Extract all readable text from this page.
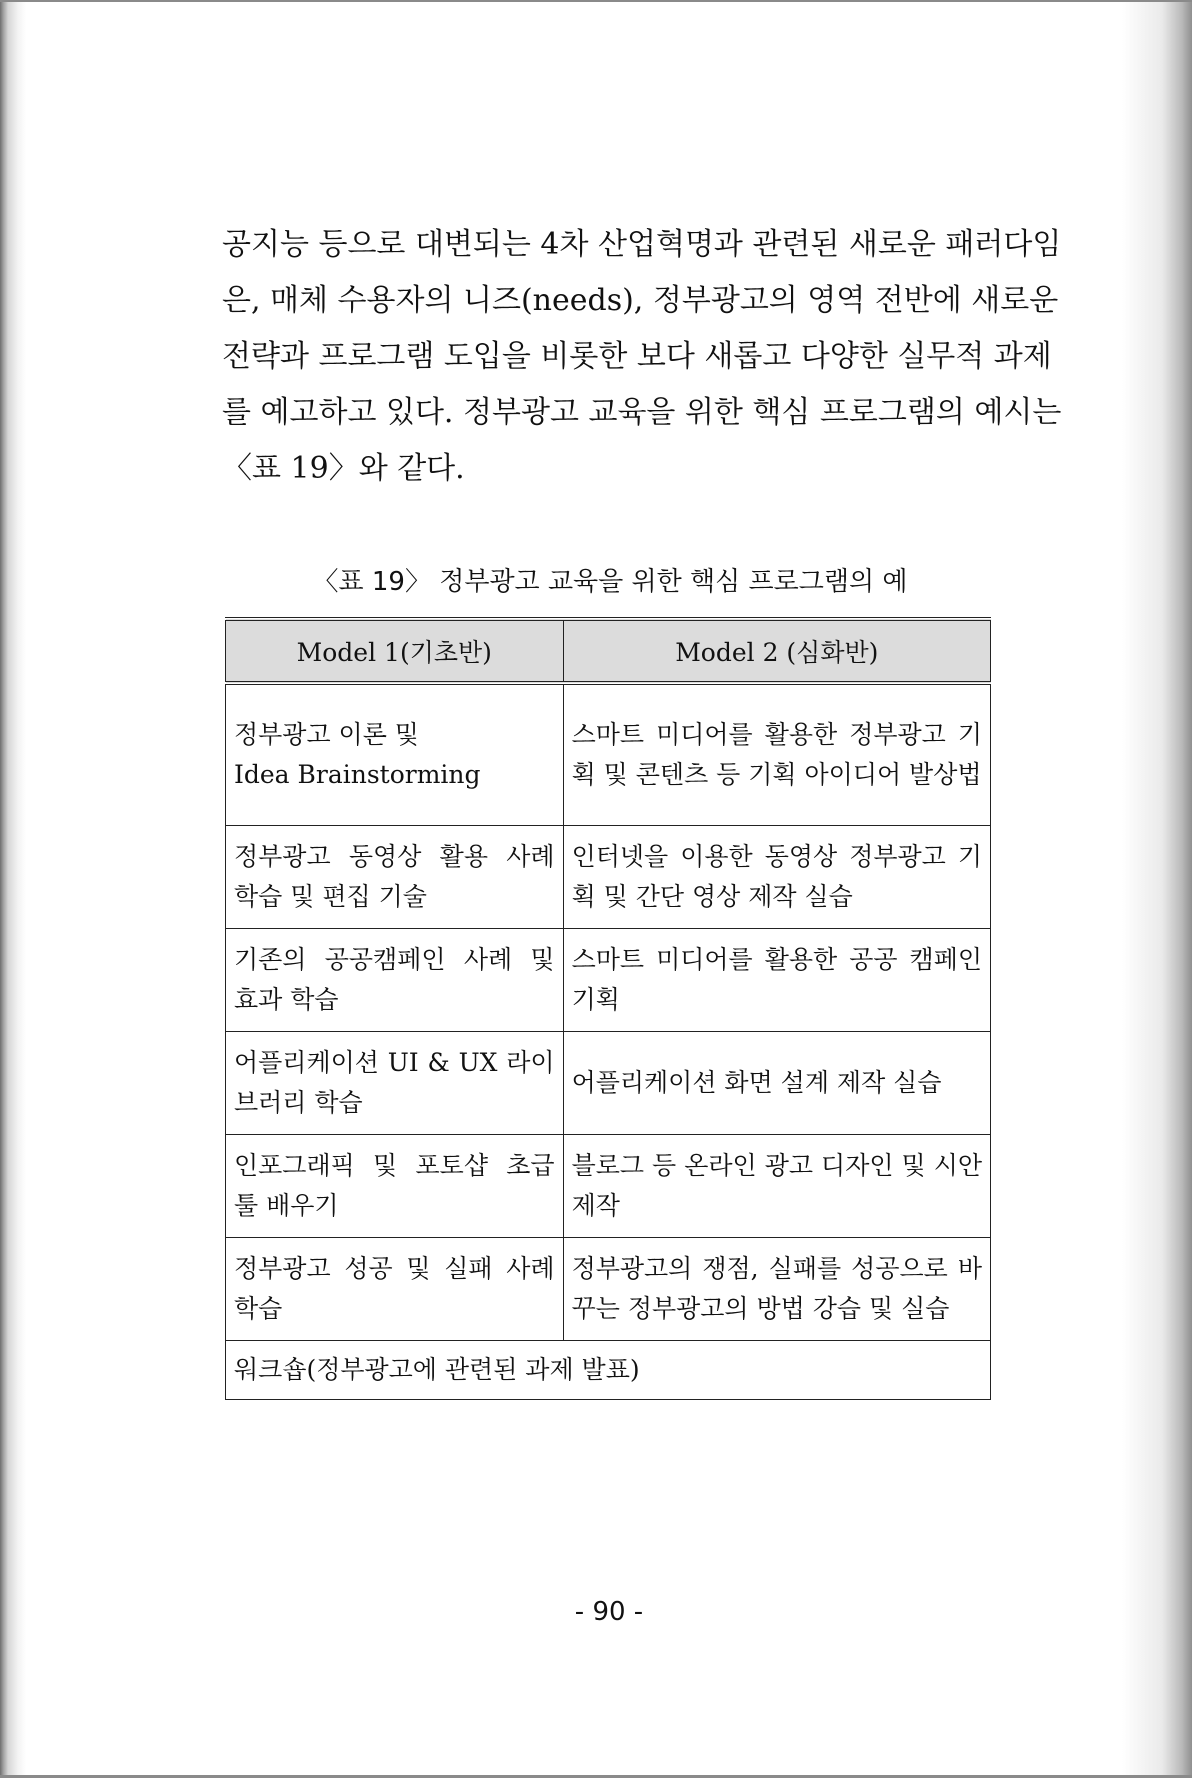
공지능 등으로 대변되는 4차 산업혁명과 관련된 새로운 패러다임
은, 매체 수용자의 니즈(needs), 정부광고의 영역 전반에 새로운
전략과 프로그램 도입을 비롯한 보다 새롭고 다양한 실무적 과제
를 예고하고 있다. 정부광고 교육을 위한 핵심 프로그램의 예시는
〈표 19〉와 같다.
〈표 19〉 정부광고 교육을 위한 핵심 프로그램의 예
Model 1(기초반)	Model 2 (심화반)
정부광고 이론 및
Idea Brainstorming	스마트 미디어를 활용한 정부광고 기획 및 콘텐츠 등 기획 아이디어 발상법
정부광고 동영상 활용 사례 학습 및 편집 기술	인터넷을 이용한 동영상 정부광고 기획 및 간단 영상 제작 실습
기존의 공공캠페인 사례 및 효과 학습	스마트 미디어를 활용한 공공 캠페인 기획
어플리케이션 UI & UX 라이브러리 학습	어플리케이션 화면 설계 제작 실습
인포그래픽 및 포토샵 초급 툴 배우기	블로그 등 온라인 광고 디자인 및 시안 제작
정부광고 성공 및 실패 사례 학습	정부광고의 쟁점, 실패를 성공으로 바꾸는 정부광고의 방법 강습 및 실습
워크숍(정부광고에 관련된 과제 발표)	
- 90 -
